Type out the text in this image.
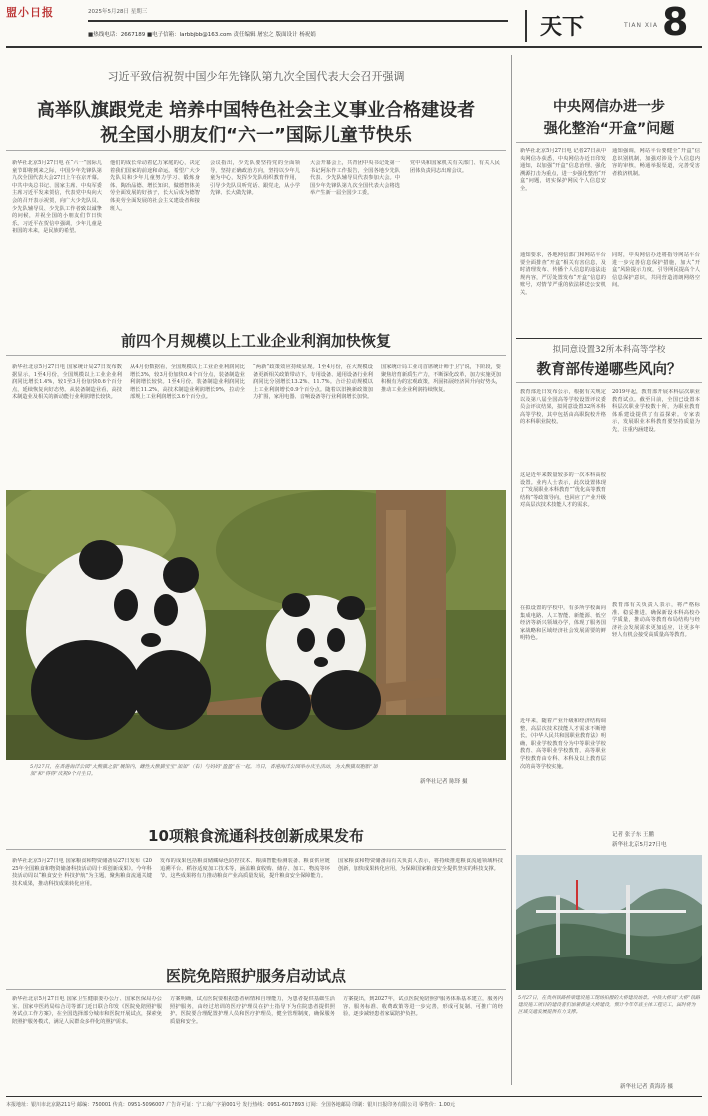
盟小日报	2025年5月28日 星期三
■热线电话：2667189 ■电子信箱：larbbjbb@163.com 责任编辑 屠宏之 版面设计 杨祝娟	天下	TIAN XIA 8
习近平致信祝贺中国少年先锋队第九次全国代表大会召开强调
高举队旗跟党走 培养中国特色社会主义事业合格建设者
祝全国小朋友们“六一”国际儿童节快乐
新华社北京5月27日电 在“六一”国际儿童节即将到来之际，中国少年先锋队第九次全国代表大会27日上午在京开幕。中共中央总书记、国家主席、中央军委主席习近平发来贺信，代表党中央向大会的召开表示祝贺，向广大少先队员、少先队辅导员、少先队工作者致以诚挚的问候，并祝全国的小朋友们节日快乐。习近平在贺信中强调，少年儿童是祖国的未来，是民族的希望。
他们的成长牵动着亿万家庭的心，决定着我们国家的前途和命运。希望广大少先队员和少年儿童努力学习、锻炼身体、陶冶品德、增长知识，做德智体美劳全面发展的好孩子，长大后成为德智体美劳全面发展的社会主义建设者和接班人。
会议指出，少先队要坚持党的全面领导，坚持正确政治方向，坚持以少年儿童为中心，发挥少先队组织教育作用，引导少先队员听党话、跟党走，从小学先锋、长大做先锋。
大会开幕会上，共青团中央书记处第一书记阿东作工作报告，全国各地少先队代表、少先队辅导员代表参加大会。中国少年先锋队第九次全国代表大会将选举产生新一届全国少工委。
党中央和国家机关有关部门、有关人民团体负责同志出席会议。
前四个月规模以上工业企业利润加快恢复
新华社北京5月27日电 国家统计局27日发布数据显示，1至4月份，全国规模以上工业企业利润同比增长1.4%，较1至3月份加快0.6个百分点，延续恢复向好态势。从装备制造业看，高技术制造业及相关的新动能行业利润增长较快。
从4月份数据看，全国规模以上工业企业利润同比增长3%，较3月份加快0.4个百分点，装备制造业利润增长较快。1至4月份，装备制造业利润同比增长11.2%，高技术制造业利润增长9%，拉动全部规上工业利润增长3.6个百分点。
“两新”政策效应持续显现。1至4月份，在大规模设备更新相关政策带动下，专用设备、通用设备行业利润同比分别增长13.2%、11.7%。合计拉动规模以上工业利润增长0.9个百分点。随着以旧换新政策加力扩围，家用电器、音响设备等行业利润增长加快。
国家统计局工业司首席统计师于卫宁说，下阶段，要聚焦培育新质生产力，不断深化改革，加力实施更加积极有为的宏观政策，巩固拓展经济回升向好势头，推动工业企业利润持续恢复。
5月27日，在香港海洋公园“大熊猫之旅”展馆内，雌性大熊猫宝宝“加加”（右）与妈妈“盈盈”在一起。当日，香港海洋公园举办庆生活动，为大熊猫双胞胎“加加”和“得得”庆祝9个月生日。
新华社记者 陈铎 摄
10项粮食流通科技创新成果发布
新华社北京5月27日电 国家粮食和物资储备局27日发布《2025年全国粮食和物资储备科技活动周十项创新成果》。今年科技活动周以“粮食安全 科技护航”为主题，聚焦粮食流通关键技术成果，推动科技成果转化应用。
发布的成果包括粮食储藏绿色防控技术、粮油智能检测装备、粮食供应链追溯平台、稻谷适度加工技术等，涵盖粮食收购、储存、加工、物流等环节。这些成果将有力推动粮食产业高质量发展，提升粮食安全保障能力。
国家粮食和物资储备局有关负责人表示，将持续推进粮食流通领域科技创新，加快成果转化应用，为保障国家粮食安全提供坚实的科技支撑。
医院免陪照护服务启动试点
新华社北京5月27日电 国家卫生健康委办公厅、国家医保局办公室、国家中医药局综合司等部门近日联合印发《医院免陪照护服务试点工作方案》，在全国选择部分城市和医院开展试点，探索免陪照护服务模式，满足人民群众多样化的照护需求。
方案明确，试点医院要根据患者病情和自理能力，为患者提供基础生活照护服务，由经过培训的医疗护理员在护士指导下为住院患者提供照护。医院要合理配置护理人员和医疗护理员，健全管理制度，确保服务质量和安全。
方案提出，到2027年，试点医院免陪照护服务体系基本建立，服务内容、服务标准、收费政策等进一步完善，形成可复制、可推广的经验，逐步减轻患者家属陪护负担。
中央网信办进一步
强化整治“开盒”问题
新华社北京5月27日电 记者27日从中央网信办获悉，中央网信办近日印发通知，以加强“开盒”信息治理、强化溯源打击为重点，进一步强化整治“开盒”问题，切实保护网民个人信息安全。
通知要求，各地网信部门和网站平台要全面排查“开盒”相关有害信息，及时清理发布、传播个人信息的违法违规内容，严厉处置发布“开盒”信息的账号，对情节严重的依法移送公安机关。
通知强调，网站平台要健全“开盒”信息识别机制，加强对涉及个人信息内容的审核，畅通举报渠道，完善受害者救济机制。
同时，中央网信办还将指导网站平台进一步完善信息保护措施，加大“开盒”风险提示力度，引导网民提高个人信息保护意识，共同营造清朗网络空间。
拟同意设置32所本科高等学校
教育部传递哪些风向？
教育部近日发布公示，根据有关规定以及第八届全国高等学校设置评议委员会评议结果，拟同意设置32所本科高等学校，其中包括由高职院校升格的本科职业院校。
这是近年来数量较多的一次本科高校设置。业内人士表示，此次设置体现了“发展职业本科教育”“优化高等教育结构”等政策导向，也回应了产业升级对高层次技术技能人才的需求。
在拟设置的学校中，有多所学校面向集成电路、人工智能、新能源、低空经济等新兴领域办学，体现了服务国家战略和区域经济社会发展需要的鲜明特色。
近年来，随着产业升级和经济结构调整，高层次技术技能人才需求不断增长。《中华人民共和国职业教育法》明确，职业学校教育分为中等职业学校教育、高等职业学校教育，高等职业学校教育由专科、本科及以上教育层次的高等学校实施。
2019年起，教育部开展本科层次职业教育试点。截至目前，全国已设置本科层次职业学校数十所，为职业教育体系建设提供了有益探索。专家表示，发展职业本科教育要坚持质量为先，注重内涵建设。
教育部有关负责人表示，将严格标准、稳妥推进，确保新设本科高校办学质量，推动高等教育布局结构与经济社会发展需求更加适应，让更多年轻人有机会接受高质量高等教育。
记者 张子东 王鹏
新华社北京5月27日电
5月27日，在贵州铁路桥梁建设施工现场拍摄的大桥建设场景。中铁大桥局“大桥”铁路建设施工项目的建设者们加紧推进大桥建设，预计今年年底主体工程完工，届时将为区域交通发展提供有力支撑。
新华社记者 黄海涛 摄
本报地址：银川市北京路211号 邮编：750001 传真：0951-5096007 广告许可证：宁工商广字第001号 发行热线：0951-6017893 订阅：全国各地邮局 印刷：银川日报印务有限公司 零售价：1.00元
